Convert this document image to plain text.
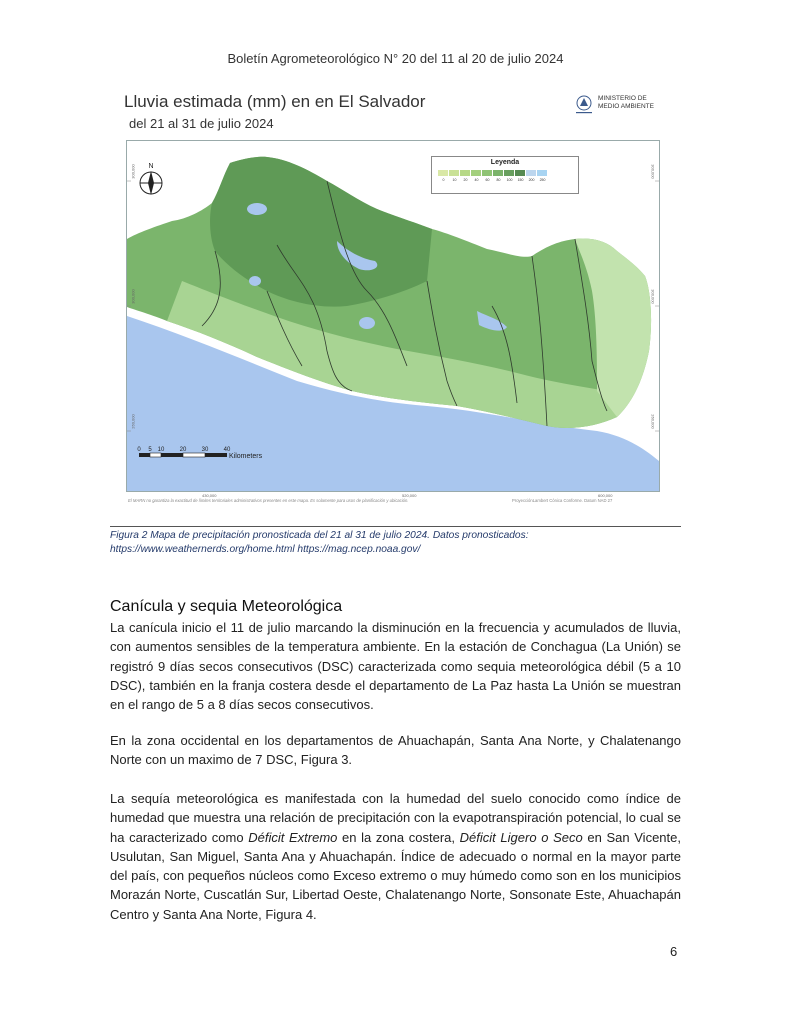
Boletín Agrometeorológico N° 20 del 11 al 20 de julio 2024
Lluvia estimada (mm) en en El Salvador
del 21 al 31 de julio 2024
MINISTERIO DE
MEDIO AMBIENTE
N
Leyenda
0	10	20	40	60	80	100	150	200	250
0 5 10	20	30	40
Kilometers
300,000
300,000
260,000
300,000
300,000
260,000
430,000	520,000	600,000
El MARN no garantiza la exactitud de límites territoriales administrativos presentes en este mapa. Es solamente para usos de planificación y ubicación.	ProyecciónLambert Cónica Conforme. Datum NAD 27
Figura 2 Mapa de precipitación pronosticada del 21 al 31 de julio 2024. Datos pronosticados:
https://www.weathernerds.org/home.html https://mag.ncep.noaa.gov/
Canícula y sequia Meteorológica
La canícula inicio el 11 de julio marcando la disminución en la frecuencia y acumulados de lluvia, con aumentos sensibles de la temperatura ambiente. En la estación de Conchagua (La Unión) se registró 9 días secos consecutivos (DSC) caracterizada como sequia meteorológica débil (5 a 10 DSC), también en la franja costera desde el departamento de La Paz hasta La Unión se muestran en el rango de 5 a 8 días secos consecutivos.
En la zona occidental en los departamentos de Ahuachapán, Santa Ana Norte, y Chalatenango Norte con un maximo de 7 DSC, Figura 3.
La sequía meteorológica es manifestada con la humedad del suelo conocido como índice de humedad que muestra una relación de precipitación con la evapotranspiración potencial, lo cual se ha caracterizado como Déficit Extremo en la zona costera, Déficit Ligero o Seco en San Vicente, Usulutan, San Miguel, Santa Ana y Ahuachapán. Índice de adecuado o normal en la mayor parte del país, con pequeños núcleos como Exceso extremo o muy húmedo como son en los municipios Morazán Norte, Cuscatlán Sur, Libertad Oeste, Chalatenango Norte, Sonsonate Este, Ahuachapán Centro y Santa Ana Norte, Figura 4.
6
